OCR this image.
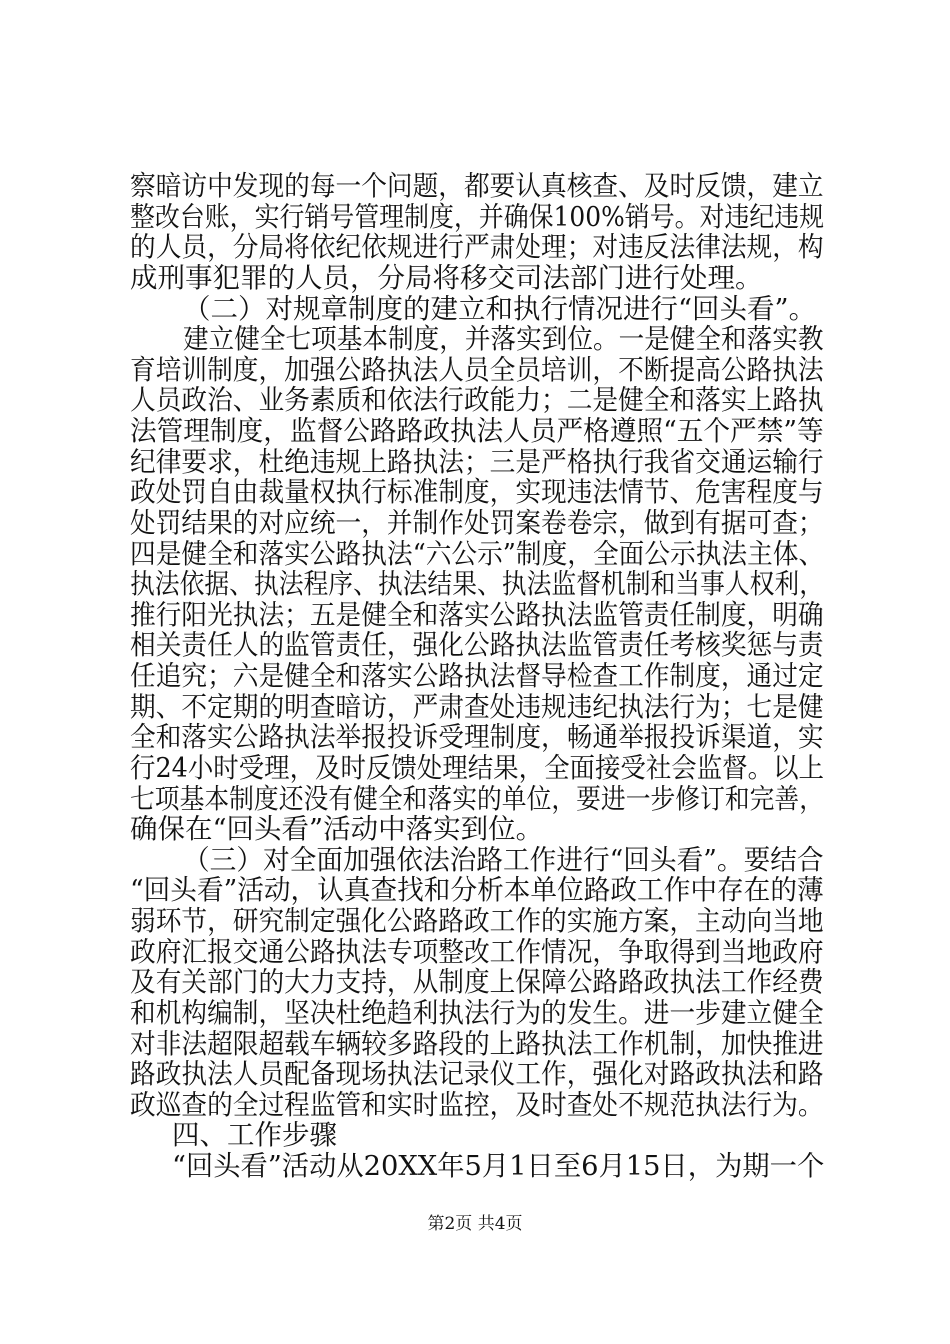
察暗访中发现的每一个问题，都要认真核查、及时反馈，建立
整改台账，实行销号管理制度，并确保100%销号。对违纪违规
的人员，分局将依纪依规进行严肃处理；对违反法律法规，构
成刑事犯罪的人员，分局将移交司法部门进行处理。
（二）对规章制度的建立和执行情况进行“回头看”。
建立健全七项基本制度，并落实到位。一是健全和落实教
育培训制度，加强公路执法人员全员培训，不断提高公路执法
人员政治、业务素质和依法行政能力；二是健全和落实上路执
法管理制度，监督公路路政执法人员严格遵照“五个严禁”等
纪律要求，杜绝违规上路执法；三是严格执行我省交通运输行
政处罚自由裁量权执行标准制度，实现违法情节、危害程度与
处罚结果的对应统一，并制作处罚案卷卷宗，做到有据可查；
四是健全和落实公路执法“六公示”制度，全面公示执法主体、
执法依据、执法程序、执法结果、执法监督机制和当事人权利，
推行阳光执法；五是健全和落实公路执法监管责任制度，明确
相关责任人的监管责任，强化公路执法监管责任考核奖惩与责
任追究；六是健全和落实公路执法督导检查工作制度，通过定
期、不定期的明查暗访，严肃查处违规违纪执法行为；七是健
全和落实公路执法举报投诉受理制度，畅通举报投诉渠道，实
行24小时受理，及时反馈处理结果，全面接受社会监督。以上
七项基本制度还没有健全和落实的单位，要进一步修订和完善，
确保在“回头看”活动中落实到位。
（三）对全面加强依法治路工作进行“回头看”。要结合
“回头看”活动，认真查找和分析本单位路政工作中存在的薄
弱环节，研究制定强化公路路政工作的实施方案，主动向当地
政府汇报交通公路执法专项整改工作情况，争取得到当地政府
及有关部门的大力支持，从制度上保障公路路政执法工作经费
和机构编制，坚决杜绝趋利执法行为的发生。进一步建立健全
对非法超限超载车辆较多路段的上路执法工作机制，加快推进
路政执法人员配备现场执法记录仪工作，强化对路政执法和路
政巡查的全过程监管和实时监控，及时查处不规范执法行为。
四、工作步骤
“回头看”活动从20XX年5月1日至6月15日，为期一个
第2页 共4页
